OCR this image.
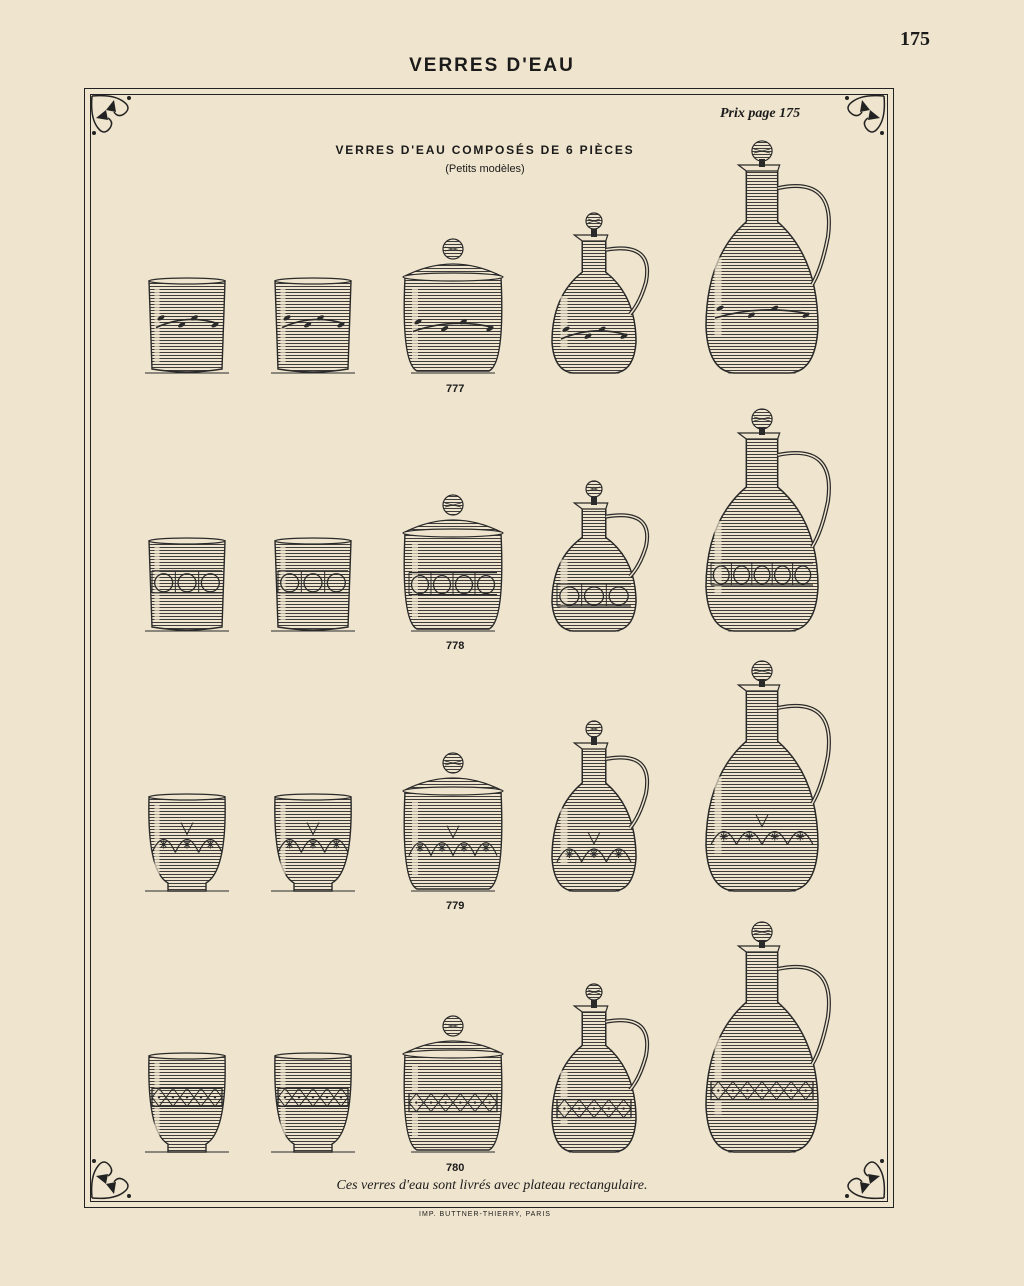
175
VERRES D'EAU
Prix page 175
VERRES D'EAU COMPOSÉS DE 6 PIÈCES
(Petits modèles)
777
778
779
780
Ces verres d'eau sont livrés avec plateau rectangulaire.
IMP. BUTTNER-THIERRY, PARIS
